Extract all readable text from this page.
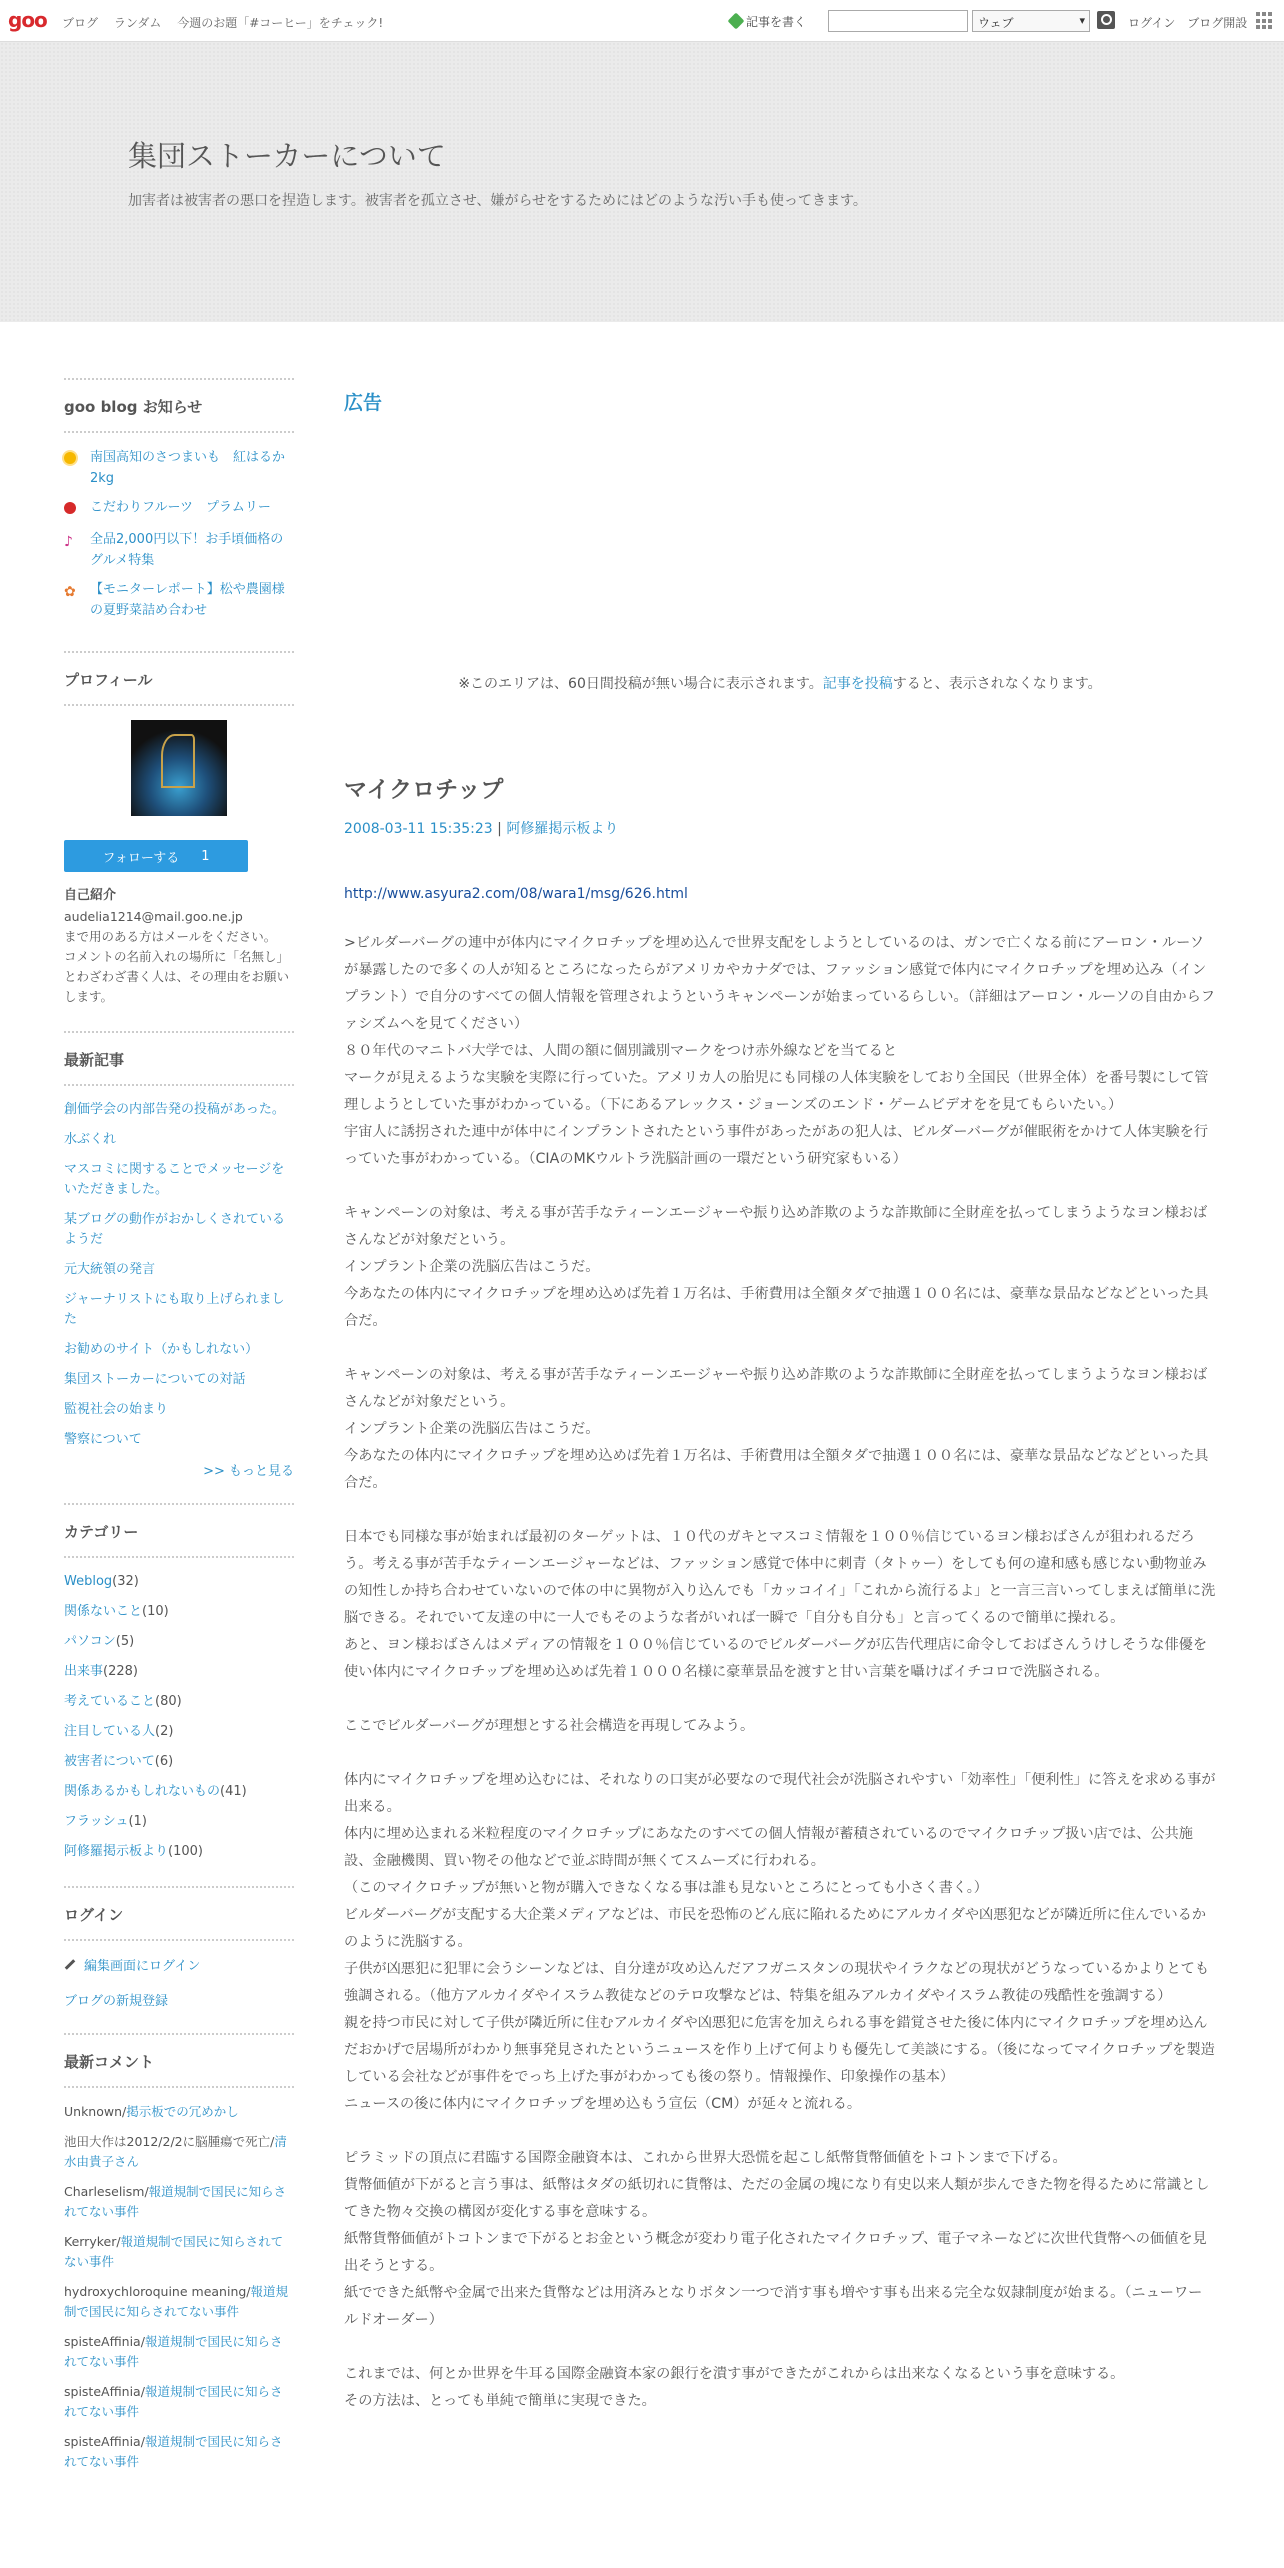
goo ブログ ランダム 今週のお題「#コーヒー」をチェック!	記事を書く	ウェブ	▾	ログイン ブログ開設
集団ストーカーについて
加害者は被害者の悪口を捏造します。被害者を孤立させ、嫌がらせをするためにはどのような汚い手も使ってきます。
goo blog お知らせ
南国高知のさつまいも　紅はるか2kg
こだわりフルーツ　プラムリー
♪	全品2,000円以下！お手頃価格のグルメ特集
✿	【モニターレポート】松や農園様の夏野菜詰め合わせ
プロフィール
フォローする 1
自己紹介
audelia1214@mail.goo.ne.jp
まで用のある方はメールをください。
コメントの名前入れの場所に「名無し」とわざわざ書く人は、その理由をお願いします。
最新記事
創価学会の内部告発の投稿があった。
水ぶくれ
マスコミに関することでメッセージをいただきました。
某ブログの動作がおかしくされているようだ
元大統領の発言
ジャーナリストにも取り上げられました
お勧めのサイト（かもしれない）
集団ストーカーについての対話
監視社会の始まり
警察について
>> もっと見る
カテゴリー
Weblog(32)
関係ないこと(10)
パソコン(5)
出来事(228)
考えていること(80)
注目している人(2)
被害者について(6)
関係あるかもしれないもの(41)
フラッシュ(1)
阿修羅掲示板より(100)
ログイン
編集画面にログイン
ブログの新規登録
最新コメント
Unknown/掲示板での冗めかし
池田大作は2012/2/2に脳腫瘍で死亡/清水由貴子さん
Charleselism/報道規制で国民に知らされてない事件
Kerryker/報道規制で国民に知らされてない事件
hydroxychloroquine meaning/報道規制で国民に知らされてない事件
spisteAffinia/報道規制で国民に知らされてない事件
spisteAffinia/報道規制で国民に知らされてない事件
spisteAffinia/報道規制で国民に知らされてない事件
広告
※このエリアは、60日間投稿が無い場合に表示されます。記事を投稿すると、表示されなくなります。
マイクロチップ
2008-03-11 15:35:23 | 阿修羅掲示板より
http://www.asyura2.com/08/wara1/msg/626.html

>ビルダーバーグの連中が体内にマイクロチップを埋め込んで世界支配をしようとしているのは、ガンで亡くなる前にアーロン・ルーソが暴露したので多くの人が知るところになったらがアメリカやカナダでは、ファッション感覚で体内にマイクロチップを埋め込み（インプラント）で自分のすべての個人情報を管理されようというキャンペーンが始まっているらしい。（詳細はアーロン・ルーソの自由からファシズムへを見てください）

８０年代のマニトバ大学では、人間の額に個別識別マークをつけ赤外線などを当てると

マークが見えるような実験を実際に行っていた。アメリカ人の胎児にも同様の人体実験をしており全国民（世界全体）を番号製にして管理しようとしていた事がわかっている。（下にあるアレックス・ジョーンズのエンド・ゲームビデオをを見てもらいたい。）

宇宙人に誘拐された連中が体中にインプラントされたという事件があったがあの犯人は、ビルダーバーグが催眠術をかけて人体実験を行っていた事がわかっている。（CIAのMKウルトラ洗脳計画の一環だという研究家もいる）

キャンペーンの対象は、考える事が苦手なティーンエージャーや振り込め詐欺のような詐欺師に全財産を払ってしまうようなヨン様おばさんなどが対象だという。

インプラント企業の洗脳広告はこうだ。

今あなたの体内にマイクロチップを埋め込めば先着１万名は、手術費用は全額タダで抽選１００名には、豪華な景品などなどといった具合だ。

キャンペーンの対象は、考える事が苦手なティーンエージャーや振り込め詐欺のような詐欺師に全財産を払ってしまうようなヨン様おばさんなどが対象だという。

インプラント企業の洗脳広告はこうだ。

今あなたの体内にマイクロチップを埋め込めば先着１万名は、手術費用は全額タダで抽選１００名には、豪華な景品などなどといった具合だ。

日本でも同様な事が始まれば最初のターゲットは、１０代のガキとマスコミ情報を１００％信じているヨン様おばさんが狙われるだろう。考える事が苦手なティーンエージャーなどは、ファッション感覚で体中に刺青（タトゥー）をしても何の違和感も感じない動物並みの知性しか持ち合わせていないので体の中に異物が入り込んでも「カッコイイ」「これから流行るよ」と一言三言いってしまえば簡単に洗脳できる。それでいて友達の中に一人でもそのような者がいれば一瞬で「自分も自分も」と言ってくるので簡単に操れる。

あと、ヨン様おばさんはメディアの情報を１００％信じているのでビルダーバーグが広告代理店に命令しておばさんうけしそうな俳優を使い体内にマイクロチップを埋め込めば先着１０００名様に豪華景品を渡すと甘い言葉を囁けばイチコロで洗脳される。

ここでビルダーバーグが理想とする社会構造を再現してみよう。

体内にマイクロチップを埋め込むには、それなりの口実が必要なので現代社会が洗脳されやすい「効率性」「便利性」に答えを求める事が出来る。

体内に埋め込まれる米粒程度のマイクロチップにあなたのすべての個人情報が蓄積されているのでマイクロチップ扱い店では、公共施設、金融機関、買い物その他などで並ぶ時間が無くてスムーズに行われる。

（このマイクロチップが無いと物が購入できなくなる事は誰も見ないところにとっても小さく書く。）

ビルダーバーグが支配する大企業メディアなどは、市民を恐怖のどん底に陥れるためにアルカイダや凶悪犯などが隣近所に住んでいるかのように洗脳する。

子供が凶悪犯に犯罪に会うシーンなどは、自分達が攻め込んだアフガニスタンの現状やイラクなどの現状がどうなっているかよりとても強調される。（他方アルカイダやイスラム教徒などのテロ攻撃などは、特集を組みアルカイダやイスラム教徒の残酷性を強調する）

親を持つ市民に対して子供が隣近所に住むアルカイダや凶悪犯に危害を加えられる事を錯覚させた後に体内にマイクロチップを埋め込んだおかげで居場所がわかり無事発見されたというニュースを作り上げて何よりも優先して美談にする。（後になってマイクロチップを製造している会社などが事件をでっち上げた事がわかっても後の祭り。情報操作、印象操作の基本）

ニュースの後に体内にマイクロチップを埋め込もう宣伝（CM）が延々と流れる。

ピラミッドの頂点に君臨する国際金融資本は、これから世界大恐慌を起こし紙幣貨幣価値をトコトンまで下げる。

貨幣価値が下がると言う事は、紙幣はタダの紙切れに貨幣は、ただの金属の塊になり有史以来人類が歩んできた物を得るために常識としてきた物々交換の構図が変化する事を意味する。

紙幣貨幣価値がトコトンまで下がるとお金という概念が変わり電子化されたマイクロチップ、電子マネーなどに次世代貨幣への価値を見出そうとする。

紙でできた紙幣や金属で出来た貨幣などは用済みとなりボタン一つで消す事も増やす事も出来る完全な奴隷制度が始まる。（ニューワールドオーダー）

これまでは、何とか世界を牛耳る国際金融資本家の銀行を潰す事ができたがこれからは出来なくなるという事を意味する。

その方法は、とっても単純で簡単に実現できた。
